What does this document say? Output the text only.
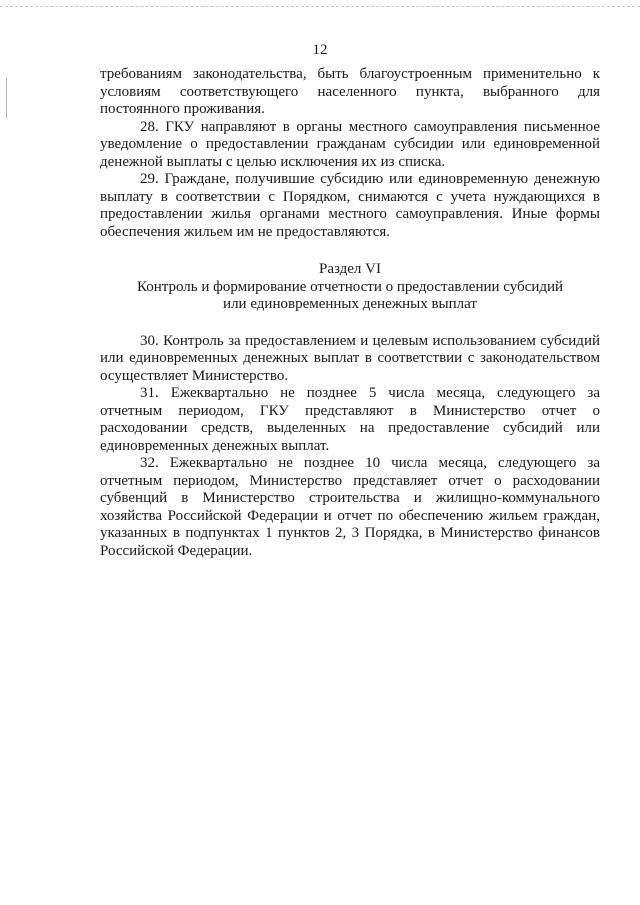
12

требованиям законодательства, быть благоустроенным применительно к условиям соответствующего населенного пункта, выбранного для постоянного проживания.

28. ГКУ направляют в органы местного самоуправления письменное уведомление о предоставлении гражданам субсидии или единовременной денежной выплаты с целью исключения их из списка.

29. Граждане, получившие субсидию или единовременную денежную выплату в соответствии с Порядком, снимаются с учета нуждающихся в предоставлении жилья органами местного самоуправления. Иные формы обеспечения жильем им не предоставляются.

Раздел VI
Контроль и формирование отчетности о предоставлении субсидий
или единовременных денежных выплат

30. Контроль за предоставлением и целевым использованием субсидий или единовременных денежных выплат в соответствии с законодательством осуществляет Министерство.

31. Ежеквартально не позднее 5 числа месяца, следующего за отчетным периодом, ГКУ представляют в Министерство отчет о расходовании средств, выделенных на предоставление субсидий или единовременных денежных выплат.

32. Ежеквартально не позднее 10 числа месяца, следующего за отчетным периодом, Министерство представляет отчет о расходовании субвенций в Министерство строительства и жилищно-коммунального хозяйства Российской Федерации и отчет по обеспечению жильем граждан, указанных в подпунктах 1 пунктов 2, 3 Порядка, в Министерство финансов Российской Федерации.
